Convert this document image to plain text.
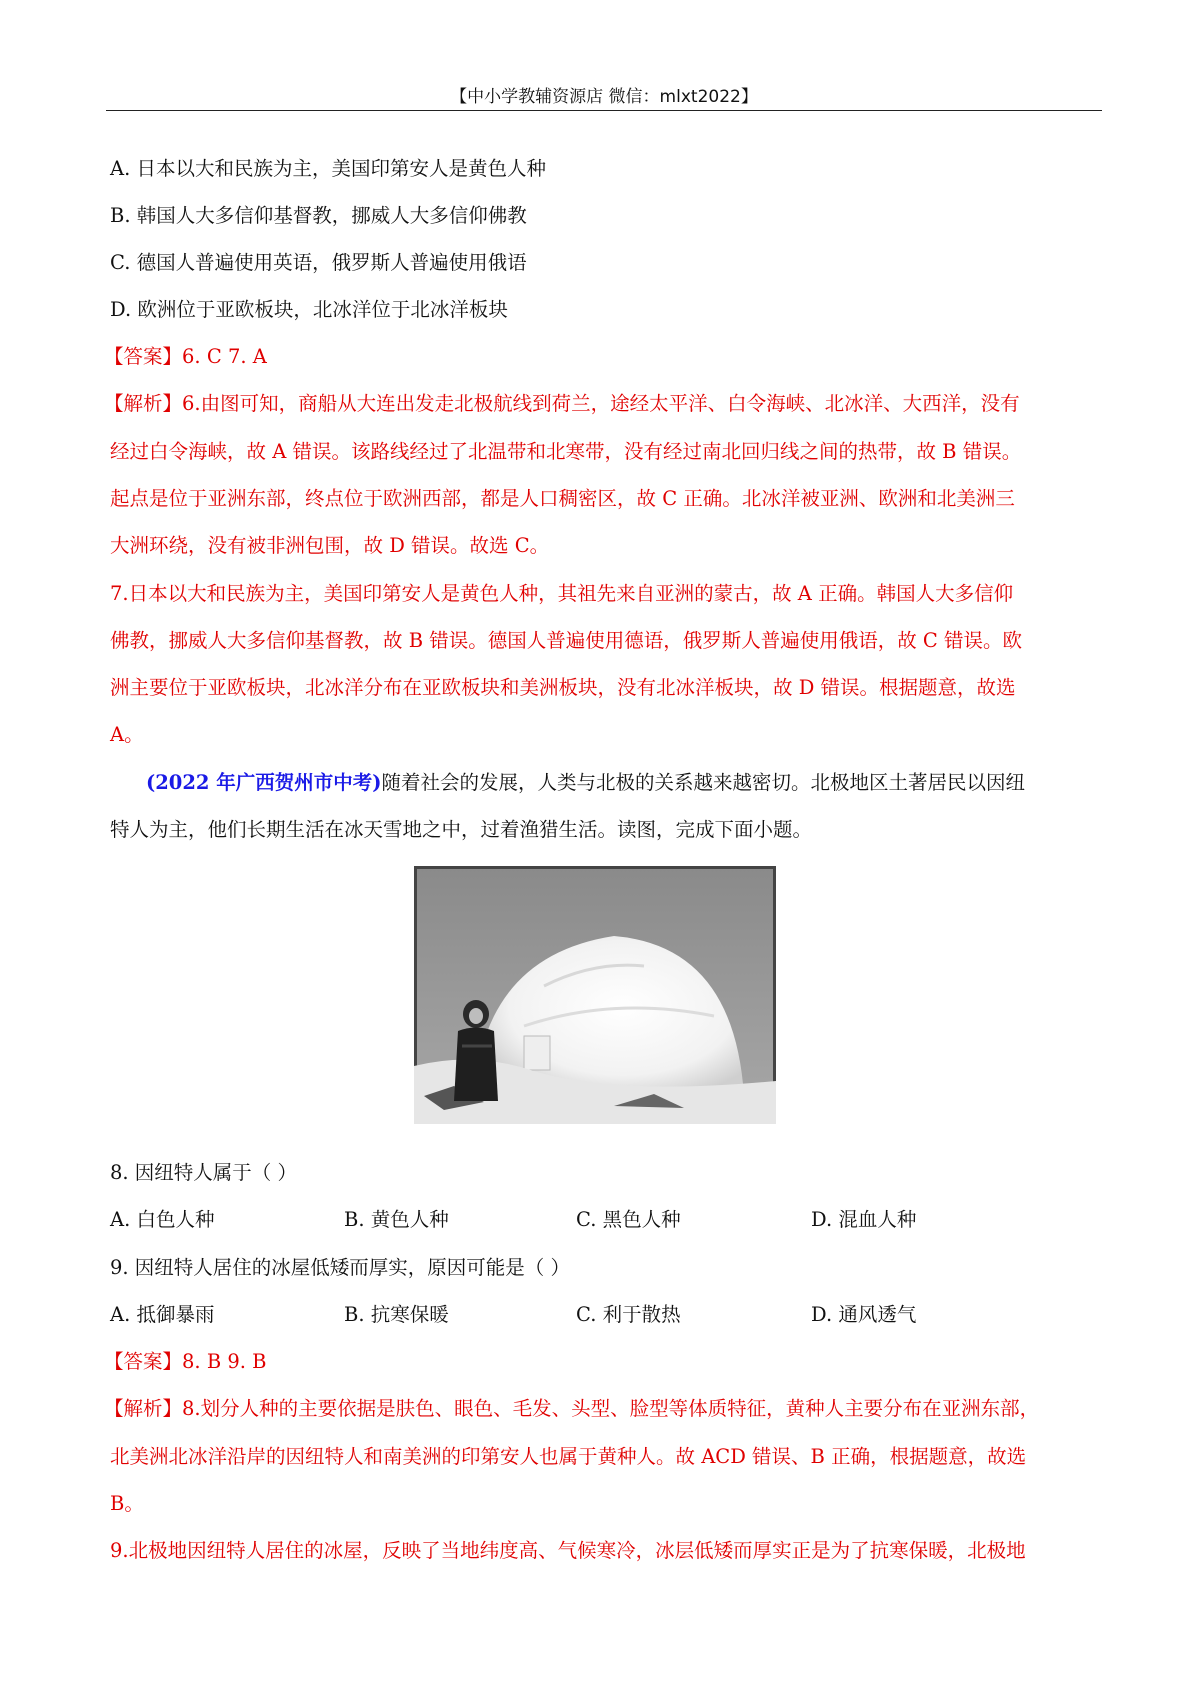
【中小学教辅资源店 微信：mlxt2022】
A. 日本以大和民族为主，美国印第安人是黄色人种
B. 韩国人大多信仰基督教，挪威人大多信仰佛教
C. 德国人普遍使用英语，俄罗斯人普遍使用俄语
D. 欧洲位于亚欧板块，北冰洋位于北冰洋板块
【答案】6. C 7. A
【解析】6.由图可知，商船从大连出发走北极航线到荷兰，途经太平洋、白令海峡、北冰洋、大西洋，没有
经过白令海峡，故 A 错误。该路线经过了北温带和北寒带，没有经过南北回归线之间的热带，故 B 错误。
起点是位于亚洲东部，终点位于欧洲西部，都是人口稠密区，故 C 正确。北冰洋被亚洲、欧洲和北美洲三
大洲环绕，没有被非洲包围，故 D 错误。故选 C。
7.日本以大和民族为主，美国印第安人是黄色人种，其祖先来自亚洲的蒙古，故 A 正确。韩国人大多信仰
佛教，挪威人大多信仰基督教，故 B 错误。德国人普遍使用德语，俄罗斯人普遍使用俄语，故 C 错误。欧
洲主要位于亚欧板块，北冰洋分布在亚欧板块和美洲板块，没有北冰洋板块，故 D 错误。根据题意，故选
A。
(2022 年广西贺州市中考)随着社会的发展，人类与北极的关系越来越密切。北极地区土著居民以因纽
特人为主，他们长期生活在冰天雪地之中，过着渔猎生活。读图，完成下面小题。
8. 因纽特人属于（ ）
A. 白色人种	B. 黄色人种	C. 黑色人种	D. 混血人种
9. 因纽特人居住的冰屋低矮而厚实，原因可能是（ ）
A. 抵御暴雨	B. 抗寒保暖	C. 利于散热	D. 通风透气
【答案】8. B 9. B
【解析】8.划分人种的主要依据是肤色、眼色、毛发、头型、脸型等体质特征，黄种人主要分布在亚洲东部，
北美洲北冰洋沿岸的因纽特人和南美洲的印第安人也属于黄种人。故 ACD 错误、B 正确，根据题意，故选
B。
9.北极地因纽特人居住的冰屋，反映了当地纬度高、气候寒冷，冰层低矮而厚实正是为了抗寒保暖，北极地
